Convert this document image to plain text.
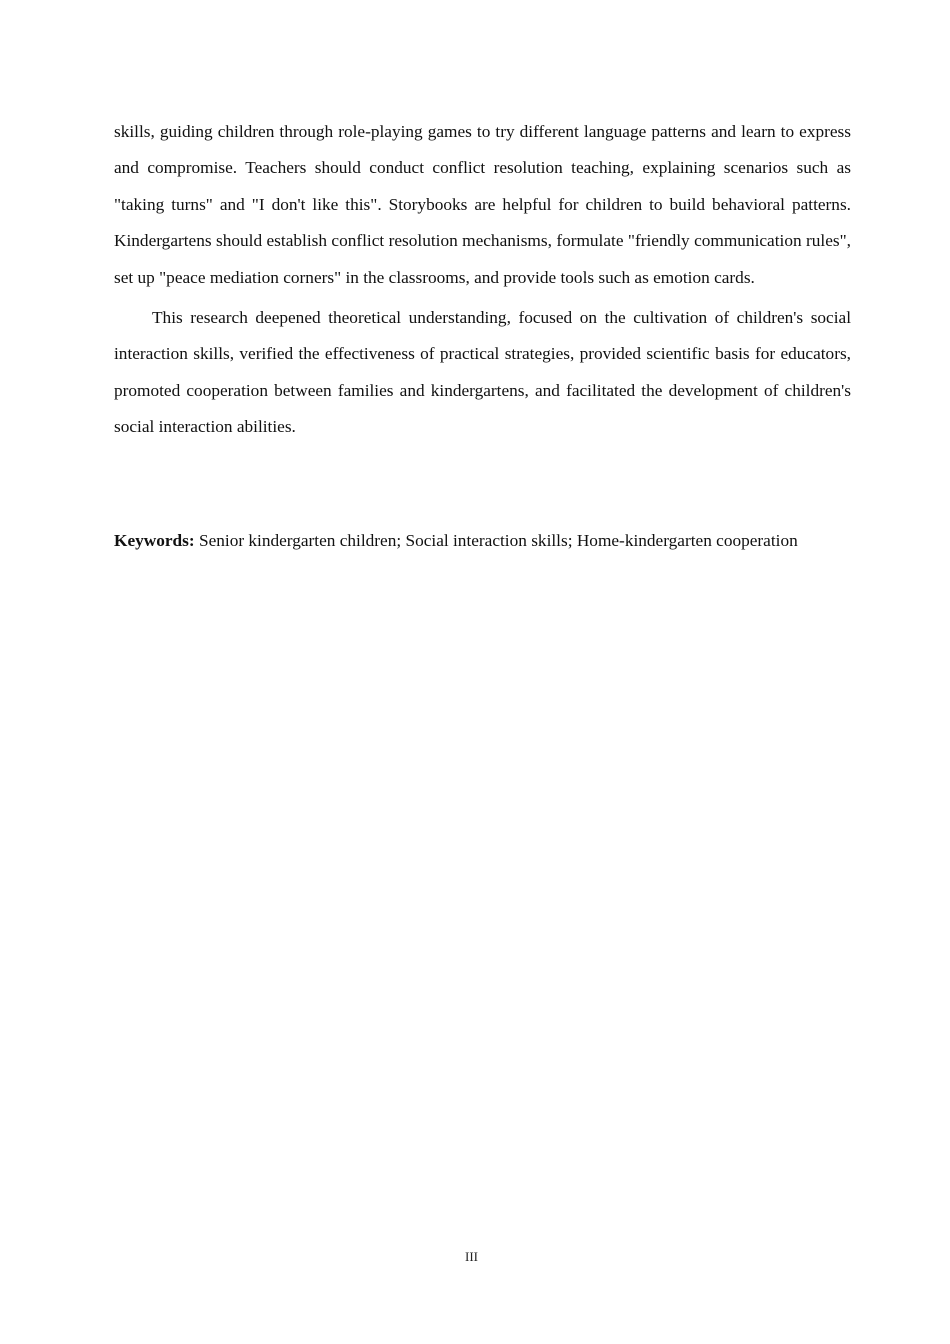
skills, guiding children through role-playing games to try different language patterns and learn to express and compromise. Teachers should conduct conflict resolution teaching, explaining scenarios such as "taking turns" and "I don't like this". Storybooks are helpful for children to build behavioral patterns. Kindergartens should establish conflict resolution mechanisms, formulate "friendly communication rules", set up "peace mediation corners" in the classrooms, and provide tools such as emotion cards.

This research deepened theoretical understanding, focused on the cultivation of children's social interaction skills, verified the effectiveness of practical strategies, provided scientific basis for educators, promoted cooperation between families and kindergartens, and facilitated the development of children's social interaction abilities.

Keywords: Senior kindergarten children; Social interaction skills; Home-kindergarten cooperation

III
